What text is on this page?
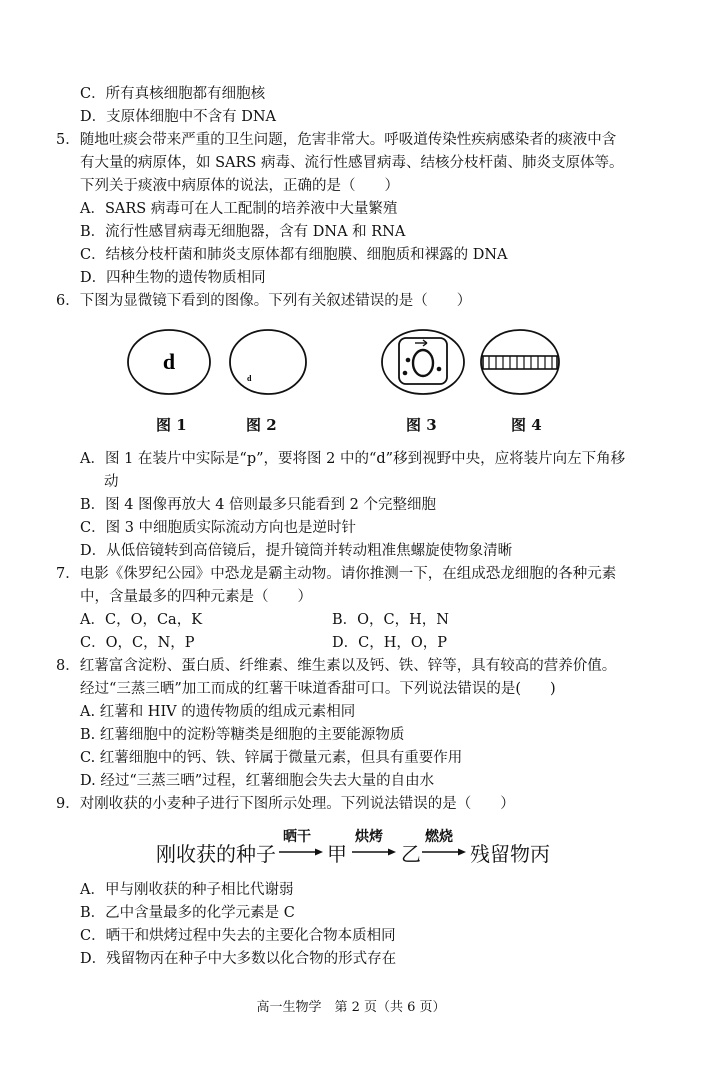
C．所有真核细胞都有细胞核
D．支原体细胞中不含有 DNA
5．随地吐痰会带来严重的卫生问题，危害非常大。呼吸道传染性疾病感染者的痰液中含
有大量的病原体，如 SARS 病毒、流行性感冒病毒、结核分枝杆菌、肺炎支原体等。
下列关于痰液中病原体的说法，正确的是（　　）
A．SARS 病毒可在人工配制的培养液中大量繁殖
B．流行性感冒病毒无细胞器，含有 DNA 和 RNA
C．结核分枝杆菌和肺炎支原体都有细胞膜、细胞质和裸露的 DNA
D．四种生物的遗传物质相同
6．下图为显微镜下看到的图像。下列有关叙述错误的是（　　）
d
d
图 1	图 2	图 3	图 4
A．图 1 在装片中实际是“p”，要将图 2 中的“d”移到视野中央，应将装片向左下角移
动
B．图 4 图像再放大 4 倍则最多只能看到 2 个完整细胞
C．图 3 中细胞质实际流动方向也是逆时针
D．从低倍镜转到高倍镜后，提升镜筒并转动粗准焦螺旋使物象清晰
7．电影《侏罗纪公园》中恐龙是霸主动物。请你推测一下，在组成恐龙细胞的各种元素
中，含量最多的四种元素是（　　）
A．C，O，Ca，K	B．O，C，H，N
C．O，C，N，P	D．C，H，O，P
8．红薯富含淀粉、蛋白质、纤维素、维生素以及钙、铁、锌等，具有较高的营养价值。
经过“三蒸三晒”加工而成的红薯干味道香甜可口。下列说法错误的是(　　)
A. 红薯和 HIV 的遗传物质的组成元素相同
B. 红薯细胞中的淀粉等糖类是细胞的主要能源物质
C. 红薯细胞中的钙、铁、锌属于微量元素，但具有重要作用
D. 经过“三蒸三晒”过程，红薯细胞会失去大量的自由水
9．对刚收获的小麦种子进行下图所示处理。下列说法错误的是（　　）
刚收获的种子
晒干
甲
烘烤
乙
燃烧
残留物丙
A．甲与刚收获的种子相比代谢弱
B．乙中含量最多的化学元素是 C
C．晒干和烘烤过程中失去的主要化合物本质相同
D．残留物丙在种子中大多数以化合物的形式存在
高一生物学　第 2 页（共 6 页）
